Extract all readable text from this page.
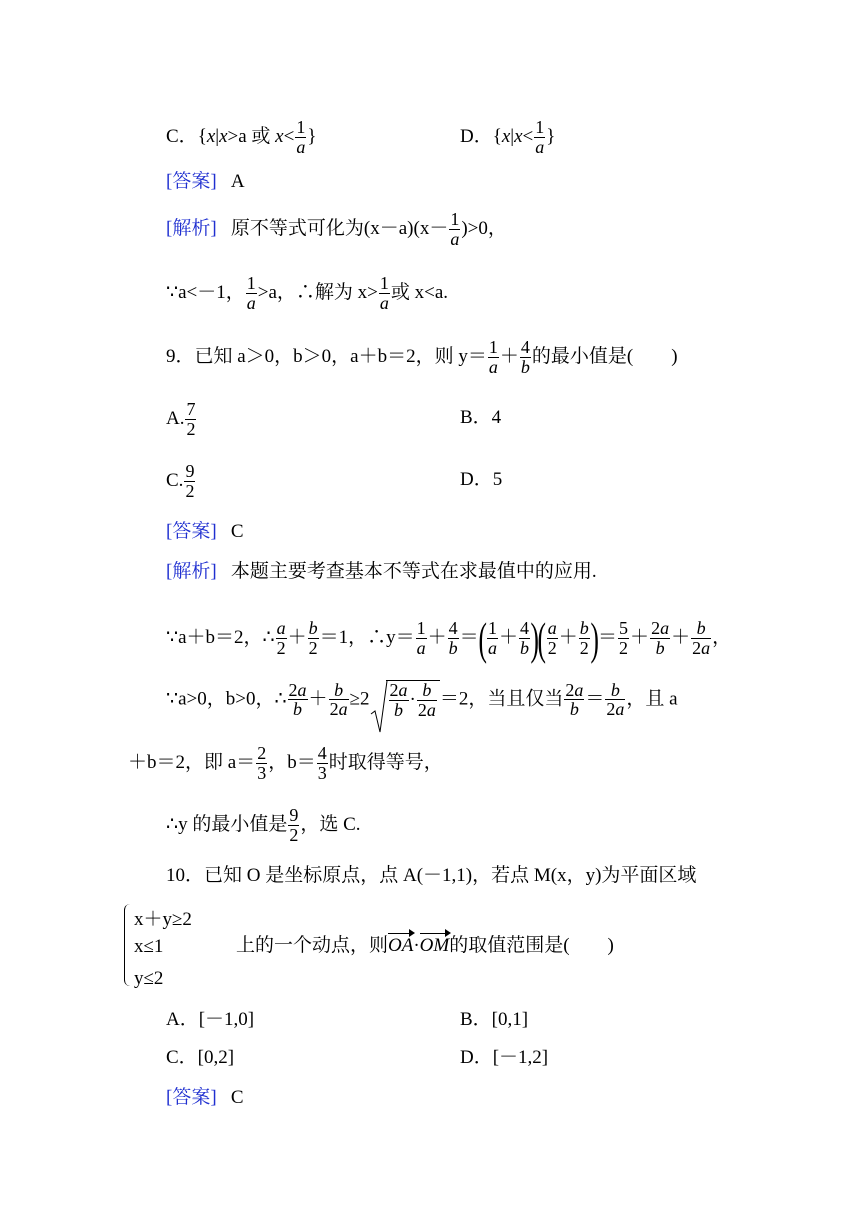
C．{x|x>a 或 $x< \frac{1}{a}$ }	D．{$x|x< \frac{1}{a}$ }
[答案] A
[解析] 原不等式可化为$(x-a)(x- \frac{1}{a} )>0$，
∵a<－1， $\frac{1}{a} >a$，∴解为 $x> \frac{1}{a}$ 或 x<a.
9．已知 a＞0，b＞0，a＋b＝2，则 $y= \frac{1}{a} + \frac{4}{b}$ 的最小值是(　　)
A. $\frac{7}{2}$	B．4
C. $\frac{9}{2}$	D．5
[答案] C
[解析] 本题主要考查基本不等式在求最值中的应用.
∵a＋b＝2，∴ $\frac{a}{2} + \frac{b}{2} =1$，∴y＝ $\frac{1}{a} + \frac{4}{b}$ ＝( $\frac{1}{a} + \frac{4}{b}$ )( $\frac{a}{2} + \frac{b}{2}$ )＝ $\frac{5}{2} + \frac{2a}{b} + \frac{b}{2a}$ ，
∵a>0，b>0，∴ $\frac{2a}{b} + \frac{b}{2a} \ge 2 \frac{2a}{b} \cdot \frac{b}{2a} =2$，当且仅当 $\frac{2a}{b} = \frac{b}{2a}$ ，且 a
＋b＝2，即 $a= \frac{2}{3}$ ，$b= \frac{4}{3}$ 时取得等号，
∴y 的最小值是 $\frac{9}{2}$ ，选 C.
10．已知 O 是坐标原点，点 A(－1,1)，若点 M(x，y)为平面区域
x＋y≥2
x≤1
y≤2
上的一个动点，则OA·OM的取值范围是(　　)
A．[－1,0]	B．[0,1]
C．[0,2]	D．[－1,2]
[答案] C
